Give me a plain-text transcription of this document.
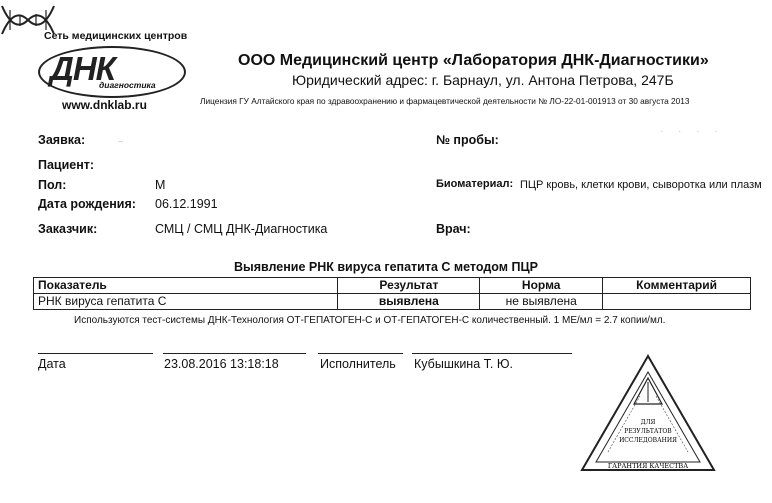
Сеть медицинских центров
ДНК
диагностика
www.dnklab.ru
ООО Медицинский центр «Лаборатория ДНК-Диагностики»
Юридический адрес: г. Барнаул, ул. Антона Петрова, 247Б
Лицензия ГУ Алтайского края по здравоохранению и фармацевтической деятельности № ЛО-22-01-001913 от 30 августа 2013
· · · ·
Заявка:	–	№ пробы:
Пациент:
Пол:	М	Биоматериал: ПЦР кровь, клетки крови, сыворотка или плазм
Дата рождения: 06.12.1991
Заказчик:	СМЦ / СМЦ ДНК-Диагностика	Врач:
Выявление РНК вируса гепатита С методом ПЦР
Показатель	Результат	Норма	Комментарий
РНК вируса гепатита С	выявлена	не выявлена	
Используются тест-системы ДНК-Технология ОТ-ГЕПАТОГЕН-С и ОТ-ГЕПАТОГЕН-С количественный. 1 МЕ/мл = 2.7 копии/мл.
Дата	23.08.2016 13:18:18	Исполнитель Кубышкина Т. Ю.
ДЛЯ
РЕЗУЛЬТАТОВ
ИССЛЕДОВАНИЯ
ГАРАНТИЯ КАЧЕСТВА
